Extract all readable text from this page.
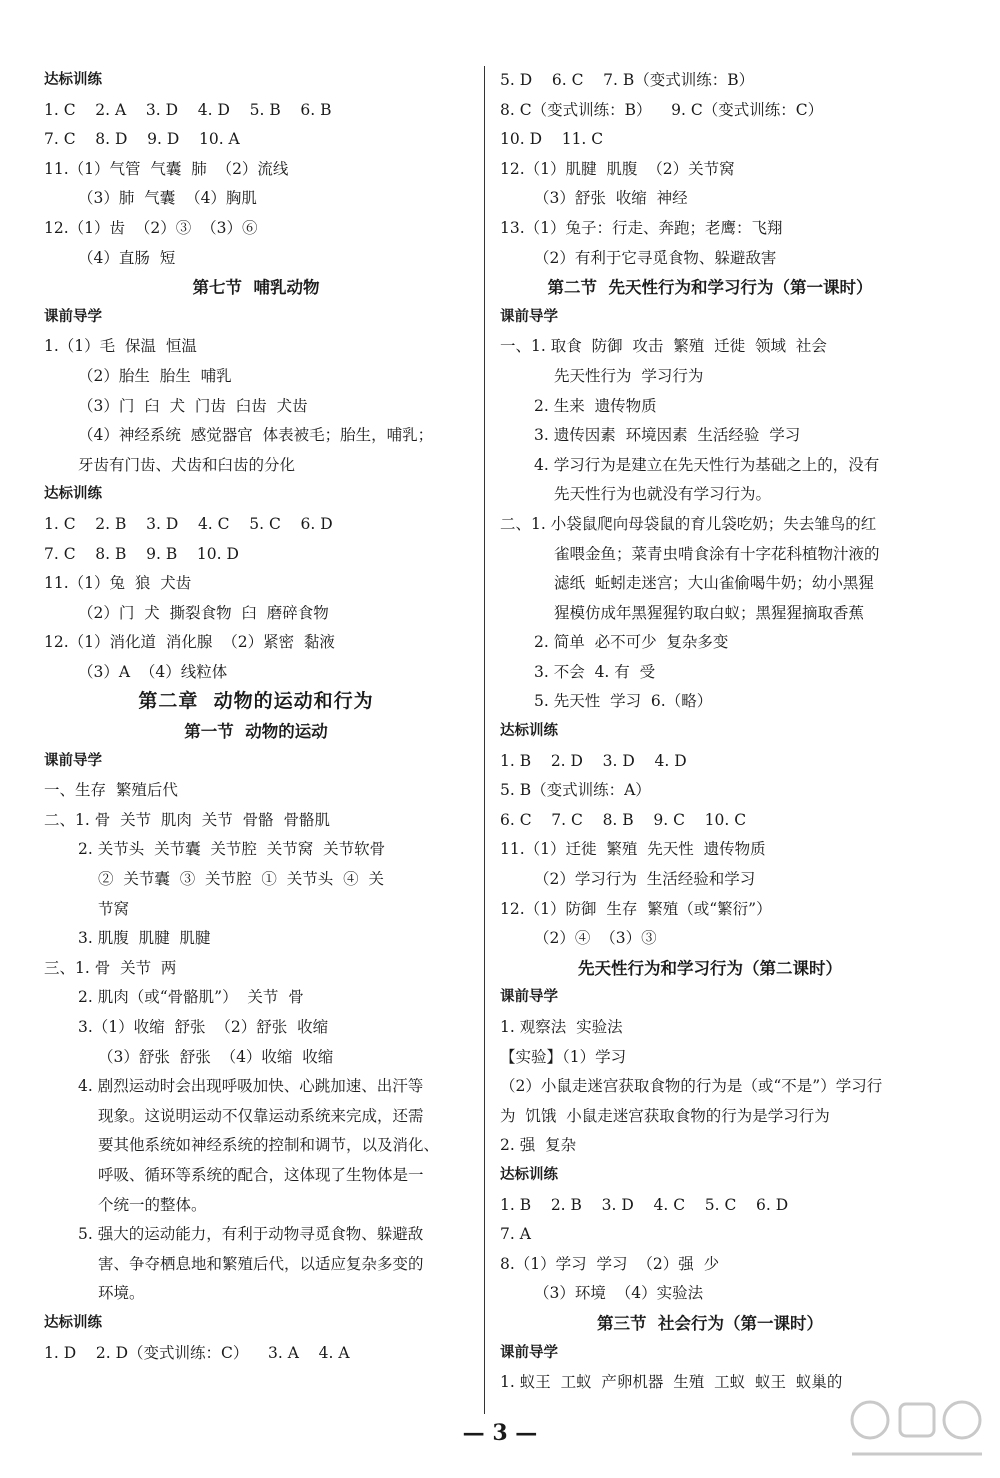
达标训练
1. C    2. A    3. D    4. D    5. B    6. B
7. C    8. D    9. D    10. A
11.（1）气管  气囊  肺  （2）流线
（3）肺  气囊  （4）胸肌
12.（1）齿  （2）③  （3）⑥
（4）直肠  短
第七节  哺乳动物
课前导学
1.（1）毛  保温  恒温
（2）胎生  胎生  哺乳
（3）门  臼  犬  门齿  臼齿  犬齿
（4）神经系统  感觉器官  体表被毛；胎生，哺乳；
牙齿有门齿、犬齿和臼齿的分化
达标训练
1. C    2. B    3. D    4. C    5. C    6. D
7. C    8. B    9. B    10. D
11.（1）兔  狼  犬齿
（2）门  犬  撕裂食物  臼  磨碎食物
12.（1）消化道  消化腺  （2）紧密  黏液
（3）A  （4）线粒体
第二章  动物的运动和行为
第一节  动物的运动
课前导学
一、生存  繁殖后代
二、1. 骨  关节  肌肉  关节  骨骼  骨骼肌
2. 关节头  关节囊  关节腔  关节窝  关节软骨
②  关节囊  ③  关节腔  ①  关节头  ④  关
节窝
3. 肌腹  肌腱  肌腱
三、1. 骨  关节  两
2. 肌肉（或“骨骼肌”）  关节  骨
3.（1）收缩  舒张  （2）舒张  收缩
（3）舒张  舒张  （4）收缩  收缩
4. 剧烈运动时会出现呼吸加快、心跳加速、出汗等
现象。这说明运动不仅靠运动系统来完成，还需
要其他系统如神经系统的控制和调节，以及消化、
呼吸、循环等系统的配合，这体现了生物体是一
个统一的整体。
5. 强大的运动能力，有利于动物寻觅食物、躲避敌
害、争夺栖息地和繁殖后代，以适应复杂多变的
环境。
达标训练
1. D    2. D（变式训练：C）    3. A    4. A
5. D    6. C    7. B（变式训练：B）
8. C（变式训练：B）    9. C（变式训练：C）
10. D    11. C
12.（1）肌腱  肌腹  （2）关节窝
（3）舒张  收缩  神经
13.（1）兔子：行走、奔跑；老鹰：飞翔
（2）有利于它寻觅食物、躲避敌害
第二节  先天性行为和学习行为（第一课时）
课前导学
一、1. 取食  防御  攻击  繁殖  迁徙  领域  社会
先天性行为  学习行为
2. 生来  遗传物质
3. 遗传因素  环境因素  生活经验  学习
4. 学习行为是建立在先天性行为基础之上的，没有
先天性行为也就没有学习行为。
二、1. 小袋鼠爬向母袋鼠的育儿袋吃奶；失去雏鸟的红
雀喂金鱼；菜青虫啃食涂有十字花科植物汁液的
滤纸  蚯蚓走迷宫；大山雀偷喝牛奶；幼小黑猩
猩模仿成年黑猩猩钓取白蚁；黑猩猩摘取香蕉
2. 简单  必不可少  复杂多变
3. 不会  4. 有  受
5. 先天性  学习  6.（略）
达标训练
1. B    2. D    3. D    4. D
5. B（变式训练：A）
6. C    7. C    8. B    9. C    10. C
11.（1）迁徙  繁殖  先天性  遗传物质
（2）学习行为  生活经验和学习
12.（1）防御  生存  繁殖（或“繁衍”）
（2）④  （3）③
先天性行为和学习行为（第二课时）
课前导学
1. 观察法  实验法
【实验】（1）学习
（2）小鼠走迷宫获取食物的行为是（或“不是”）学习行
为  饥饿  小鼠走迷宫获取食物的行为是学习行为
2. 强  复杂
达标训练
1. B    2. B    3. D    4. C    5. C    6. D
7. A
8.（1）学习  学习  （2）强  少
（3）环境  （4）实验法
第三节  社会行为（第一课时）
课前导学
1. 蚁王  工蚁  产卵机器  生殖  工蚁  蚁王  蚁巢的
— 3 —
